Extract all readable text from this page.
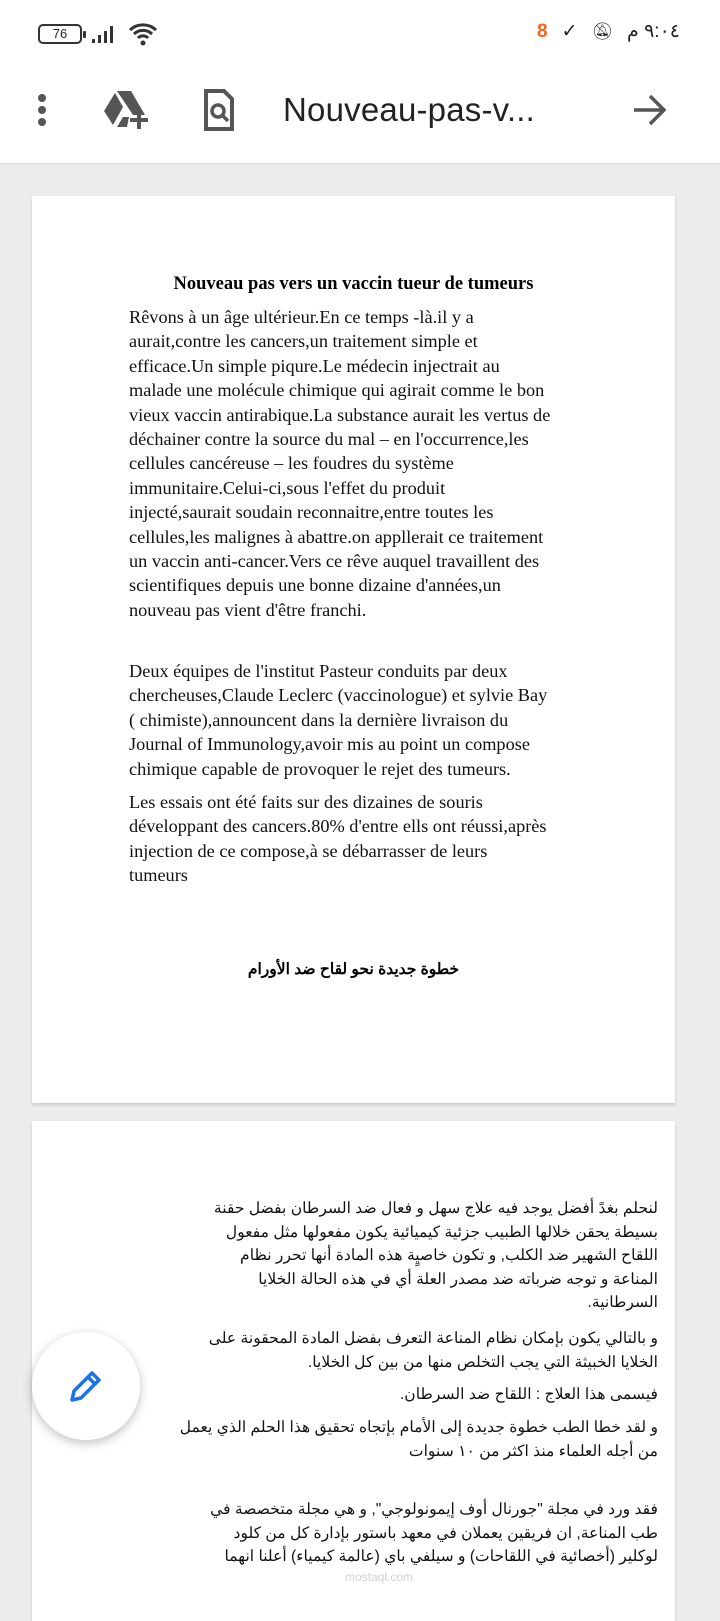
76	8 ✓ 🔕︎ ٩:٠٤ م
Nouveau-pas-v...
Nouveau pas vers un vaccin tueur de tumeurs
Rêvons à un âge ultérieur.En ce temps -là.il y a
aurait,contre les cancers,un traitement simple et
efficace.Un simple piqure.Le médecin injectrait au
malade une molécule chimique qui agirait comme le bon
vieux vaccin antirabique.La substance aurait les vertus de
déchainer contre la source du mal – en l'occurrence,les
cellules cancéreuse – les foudres du système
immunitaire.Celui-ci,sous l'effet du produit
injecté,saurait soudain reconnaitre,entre toutes les
cellules,les malignes à abattre.on appllerait ce traitement
un vaccin anti-cancer.Vers ce rêve auquel travaillent des
scientifiques depuis une bonne dizaine d'années,un
nouveau pas vient d'être franchi.
Deux équipes de l'institut Pasteur conduits par deux
chercheuses,Claude Leclerc (vaccinologue) et sylvie Bay
( chimiste),announcent dans la dernière livraison du
Journal of Immunology,avoir mis au point un compose
chimique capable de provoquer le rejet des tumeurs.
Les essais ont été faits sur des dizaines de souris
développant des cancers.80% d'entre ells ont réussi,après
injection de ce compose,à se débarrasser de leurs
tumeurs
خطوة جديدة نحو لقاح ضد الأورام
لنحلم بغدً أفضل يوجد فيه علاج سهل و فعال ضد السرطان بفضل حقنة
بسيطة يحقن خلالها الطبيب جزئية كيميائية يكون مفعولها مثل مفعول
اللقاح الشهير ضد الكلب, و تكون خاصيٍة هذه المادة أنها تحرر نظام
المناعة و توجه ضرباته ضد مصدر العلة أي في هذه الحالة الخلايا
السرطانية.
و بالتالي يكون بإمكان نظام المناعة التعرف بفضل المادة المحقونة على
الخلايا الخبيثة التي يجب التخلص منها من بين كل الخلايا.
فيسمى هذا العلاج : اللقاح ضد السرطان.
و لقد خطا الطب خطوة جديدة إلى الأمام بإتجاه تحقيق هذا الحلم الذي يعمل
من أجله العلماء منذ اكثر من ١٠ سنوات
فقد ورد في مجلة "جورنال أوف إيمونولوجي", و هي مجلة متخصصة في
طب المناعة, ان فريقين يعملان في معهد باستور بإدارة كل من كلود
لوكلير (أخصائية في اللقاحات) و سيلفي باي (عالمة كيمياء) أعلنا انهما
mostaql.com
